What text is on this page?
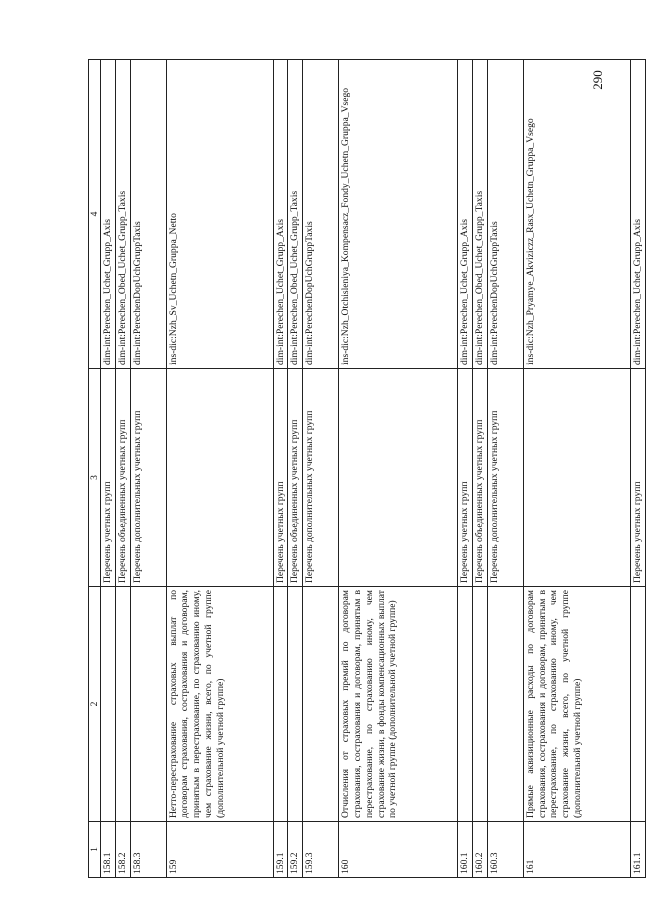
290
1	2	3	4
158.1		Перечень учетных групп	dim-int:Perechen_Uchet_Grupp_Axis
158.2		Перечень объединенных учетных групп	dim-int:Perechen_Obed_Uchet_Grupp_Taxis
158.3		Перечень дополнительных учетных групп	dim-int:PerechenDopUchGruppTaxis
159	Нетто-перестрахование страховых выплат по договорам страхования, сострахования и договорам, принятым в перестрахование, по страхованию иному, чем страхование жизни, всего, по учетной группе (дополнительной учетной группе)		ins-dic:Nzh_Sv_Uchetn_Gruppa_Netto
159.1		Перечень учетных групп	dim-int:Perechen_Uchet_Grupp_Axis
159.2		Перечень объединенных учетных групп	dim-int:Perechen_Obed_Uchet_Grupp_Taxis
159.3		Перечень дополнительных учетных групп	dim-int:PerechenDopUchGruppTaxis
160	Отчисления от страховых премий по договорам страхования, сострахования и договорам, принятым в перестрахование, по страхованию иному, чем страхование жизни, в фонды компенсационных выплат по учетной группе (дополнительной учетной группе)		ins-dic:Nzh_Otchisleniya_Kompensacz_Fondy_Uchetn_Gruppa_Vsego
160.1		Перечень учетных групп	dim-int:Perechen_Uchet_Grupp_Axis
160.2		Перечень объединенных учетных групп	dim-int:Perechen_Obed_Uchet_Grupp_Taxis
160.3		Перечень дополнительных учетных групп	dim-int:PerechenDopUchGruppTaxis
161	Прямые аквизиционные расходы по договорам страхования, сострахования и договорам, принятым в перестрахование, по страхованию иному, чем страхование жизни, всего, по учетной группе (дополнительной учетной группе)		ins-dic:Nzh_Pryamye_Akviziczz_Rasx_Uchetn_Gruppa_Vsego
161.1		Перечень учетных групп	dim-int:Perechen_Uchet_Grupp_Axis
